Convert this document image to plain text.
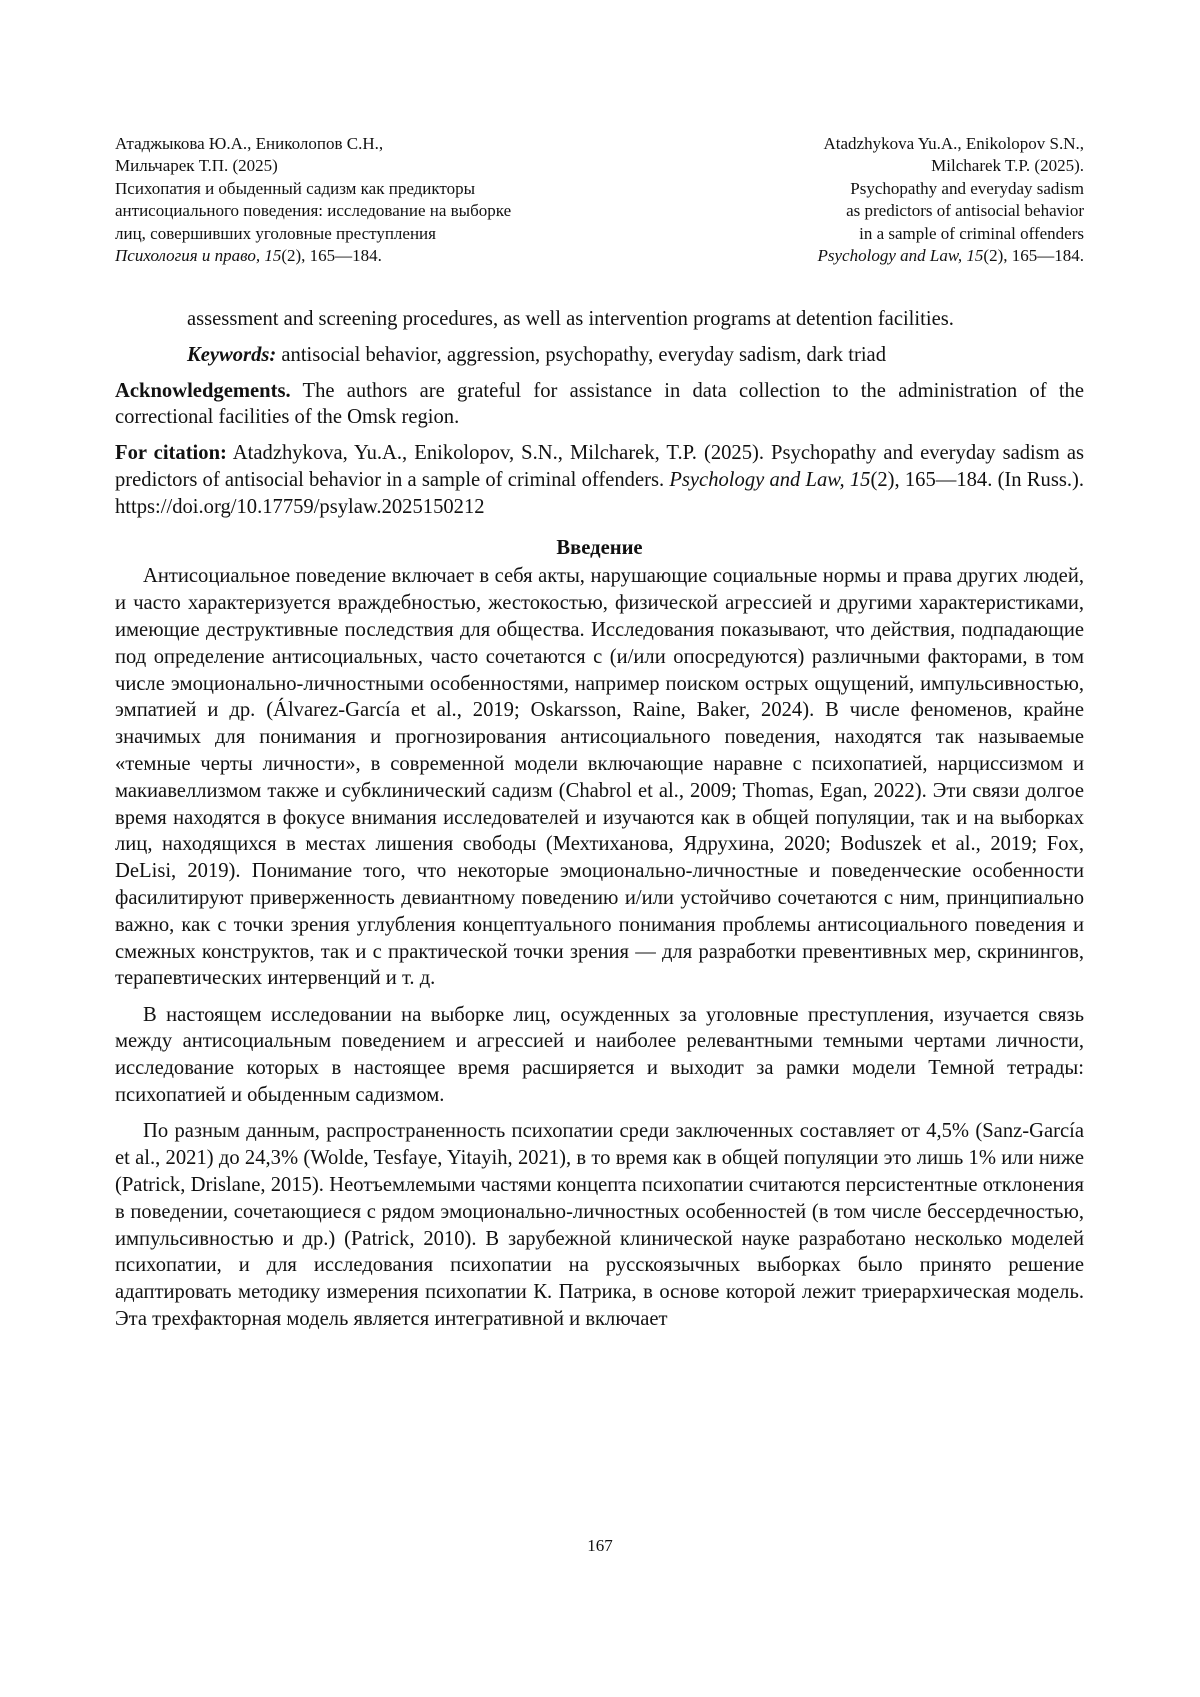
Атаджыкова Ю.А., Ениколопов С.Н.,
Мильчарек Т.П. (2025)
Психопатия и обыденный садизм как предикторы
антисоциального поведения: исследование на выборке
лиц, совершивших уголовные преступления
Психология и право, 15(2), 165—184.
Atadzhykova Yu.A., Enikolopov S.N.,
Milcharek T.P. (2025).
Psychopathy and everyday sadism
as predictors of antisocial behavior
in a sample of criminal offenders
Psychology and Law, 15(2), 165—184.

assessment and screening procedures, as well as intervention programs at detention facilities.

Keywords: antisocial behavior, aggression, psychopathy, everyday sadism, dark triad

Acknowledgements. The authors are grateful for assistance in data collection to the administration of the correctional facilities of the Omsk region.

For citation: Atadzhykova, Yu.A., Enikolopov, S.N., Milcharek, T.P. (2025). Psychopathy and everyday sadism as predictors of antisocial behavior in a sample of criminal offenders. Psychology and Law, 15(2), 165—184. (In Russ.). https://doi.org/10.17759/psylaw.2025150212

Введение

Антисоциальное поведение включает в себя акты, нарушающие социальные нормы и права других людей, и часто характеризуется враждебностью, жестокостью, физической агрессией и другими характеристиками, имеющие деструктивные последствия для общества. Исследования показывают, что действия, подпадающие под определение антисоциальных, часто сочетаются с (и/или опосредуются) различными факторами, в том числе эмоционально-личностными особенностями, например поиском острых ощущений, импульсивностью, эмпатией и др. (Álvarez-García et al., 2019; Oskarsson, Raine, Baker, 2024). В числе феноменов, крайне значимых для понимания и прогнозирования антисоциального поведения, находятся так называемые «темные черты личности», в современной модели включающие наравне с психопатией, нарциссизмом и макиавеллизмом также и субклинический садизм (Chabrol et al., 2009; Thomas, Egan, 2022). Эти связи долгое время находятся в фокусе внимания исследователей и изучаются как в общей популяции, так и на выборках лиц, находящихся в местах лишения свободы (Мехтиханова, Ядрухина, 2020; Boduszek et al., 2019; Fox, DeLisi, 2019). Понимание того, что некоторые эмоционально-личностные и поведенческие особенности фасилитируют приверженность девиантному поведению и/или устойчиво сочетаются с ним, принципиально важно, как с точки зрения углубления концептуального понимания проблемы антисоциального поведения и смежных конструктов, так и с практической точки зрения — для разработки превентивных мер, скринингов, терапевтических интервенций и т. д.

В настоящем исследовании на выборке лиц, осужденных за уголовные преступления, изучается связь между антисоциальным поведением и агрессией и наиболее релевантными темными чертами личности, исследование которых в настоящее время расширяется и выходит за рамки модели Темной тетрады: психопатией и обыденным садизмом.

По разным данным, распространенность психопатии среди заключенных составляет от 4,5% (Sanz-García et al., 2021) до 24,3% (Wolde, Tesfaye, Yitayih, 2021), в то время как в общей популяции это лишь 1% или ниже (Patrick, Drislane, 2015). Неотъемлемыми частями концепта психопатии считаются персистентные отклонения в поведении, сочетающиеся с рядом эмоционально-личностных особенностей (в том числе бессердечностью, импульсивностью и др.) (Patrick, 2010). В зарубежной клинической науке разработано несколько моделей психопатии, и для исследования психопатии на русскоязычных выборках было принято решение адаптировать методику измерения психопатии К. Патрика, в основе которой лежит триерархическая модель. Эта трехфакторная модель является интегративной и включает

167
